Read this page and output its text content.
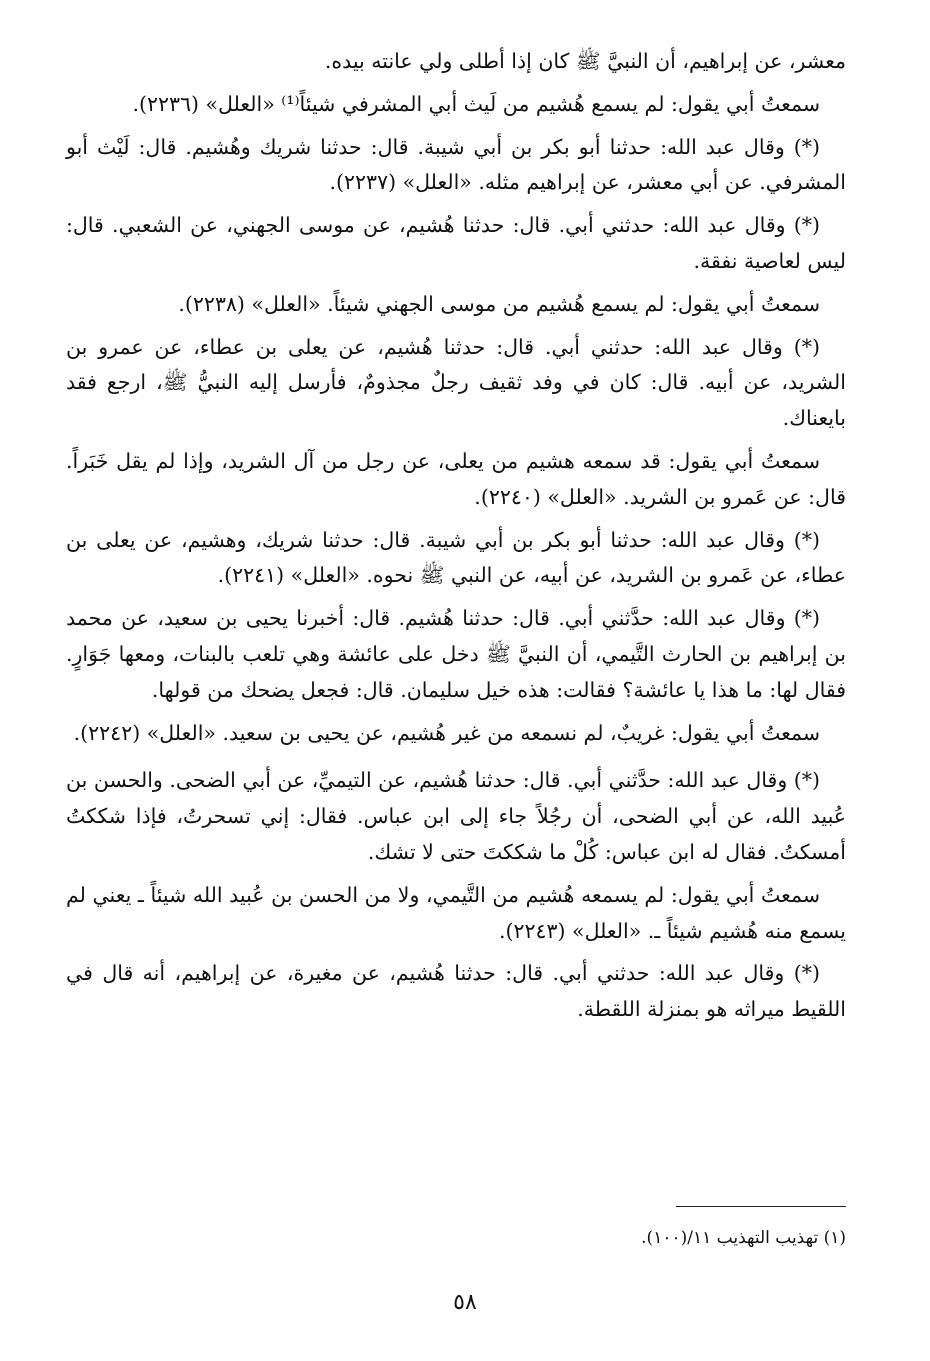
معشر، عن إبراهيم، أن النبيَّ ﷺ كان إذا أطلى ولي عانته بيده.

سمعتُ أبي يقول: لم يسمع هُشيم من لَيث أبي المشرفي شيئاً⁽¹⁾ «العلل» (٢٢٣٦).

(*) وقال عبد الله: حدثنا أبو بكر بن أبي شيبة. قال: حدثنا شريك وهُشيم. قال: لَيْث أبو المشرفي. عن أبي معشر، عن إبراهيم مثله. «العلل» (٢٢٣٧).

(*) وقال عبد الله: حدثني أبي. قال: حدثنا هُشيم، عن موسى الجهني، عن الشعبي. قال: ليس لعاصية نفقة.

سمعتُ أبي يقول: لم يسمع هُشيم من موسى الجهني شيئاً. «العلل» (٢٢٣٨).

(*) وقال عبد الله: حدثني أبي. قال: حدثنا هُشيم، عن يعلى بن عطاء، عن عمرو بن الشريد، عن أبيه. قال: كان في وفد ثقيف رجلٌ مجذومٌ، فأرسل إليه النبيُّ ﷺ، ارجع فقد بايعناك.

سمعتُ أبي يقول: قد سمعه هشيم من يعلى، عن رجل من آل الشريد، وإذا لم يقل خَبَراً. قال: عن عَمرو بن الشريد. «العلل» (٢٢٤٠).

(*) وقال عبد الله: حدثنا أبو بكر بن أبي شيبة. قال: حدثنا شريك، وهشيم، عن يعلى بن عطاء، عن عَمرو بن الشريد، عن أبيه، عن النبي ﷺ نحوه. «العلل» (٢٢٤١).

(*) وقال عبد الله: حدَّثني أبي. قال: حدثنا هُشيم. قال: أخبرنا يحيى بن سعيد، عن محمد بن إبراهيم بن الحارث التَّيمي، أن النبيَّ ﷺ دخل على عائشة وهي تلعب بالبنات، ومعها جَوَارٍ. فقال لها: ما هذا يا عائشة؟ فقالت: هذه خيل سليمان. قال: فجعل يضحك من قولها.

سمعتُ أبي يقول: غريبٌ، لم نسمعه من غير هُشيم، عن يحيى بن سعيد. «العلل» (٢٢٤٢).

(*) وقال عبد الله: حدَّثني أبي. قال: حدثنا هُشيم، عن التيميِّ، عن أبي الضحى. والحسن بن عُبيد الله، عن أبي الضحى، أن رجُلاً جاء إلى ابن عباس. فقال: إني تسحرتُ، فإذا شككتُ أمسكتُ. فقال له ابن عباس: كُلْ ما شككتَ حتى لا تشك.

سمعتُ أبي يقول: لم يسمعه هُشيم من التَّيمي، ولا من الحسن بن عُبيد الله شيئاً ـ يعني لم يسمع منه هُشيم شيئاً ـ. «العلل» (٢٢٤٣).

(*) وقال عبد الله: حدثني أبي. قال: حدثنا هُشيم، عن مغيرة، عن إبراهيم، أنه قال في اللقيط ميراثه هو بمنزلة اللقطة.

(١) تهذيب التهذيب ١١/(١٠٠).
٥٨
